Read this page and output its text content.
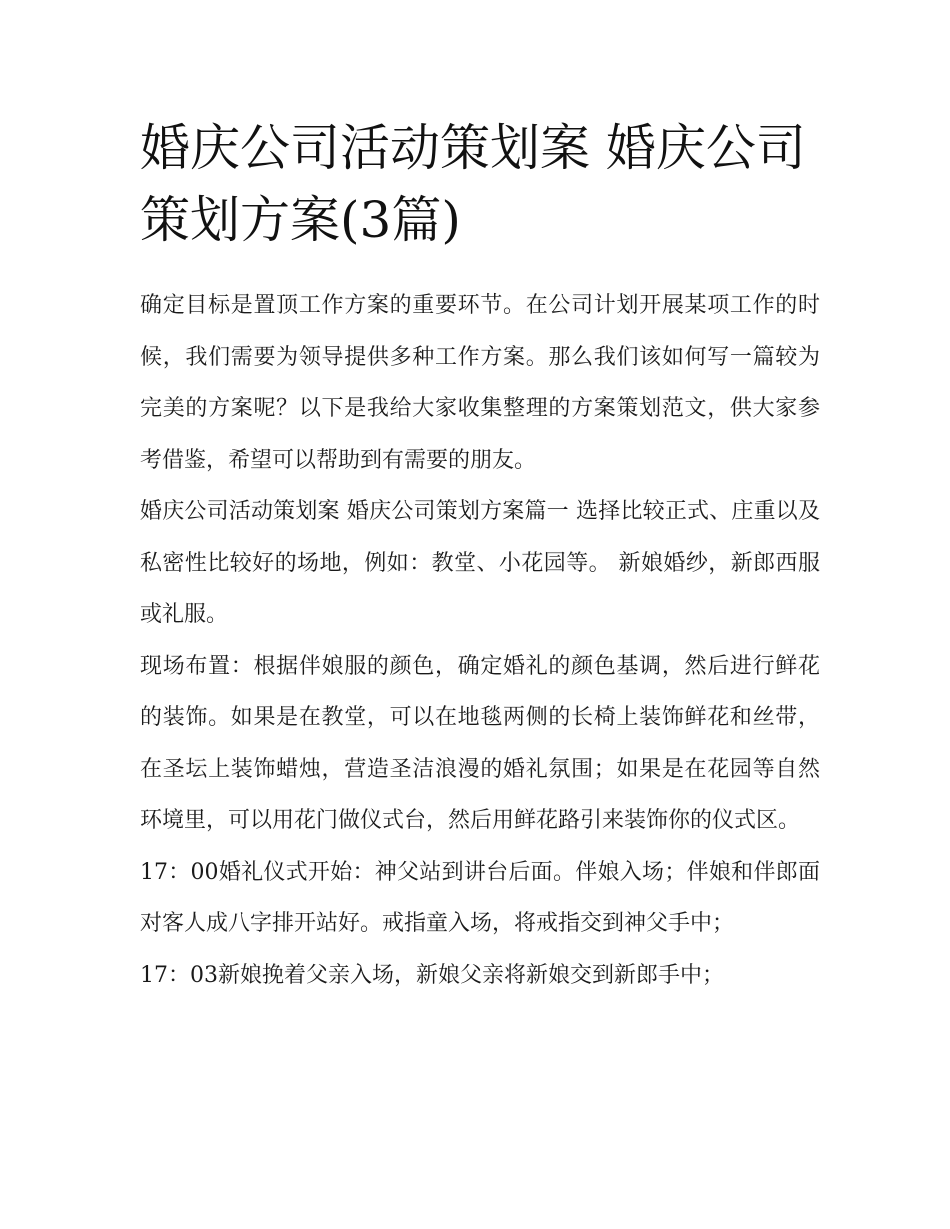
婚庆公司活动策划案 婚庆公司策划方案(3篇)

确定目标是置顶工作方案的重要环节。在公司计划开展某项工作的时候，我们需要为领导提供多种工作方案。那么我们该如何写一篇较为完美的方案呢？以下是我给大家收集整理的方案策划范文，供大家参考借鉴，希望可以帮助到有需要的朋友。

婚庆公司活动策划案 婚庆公司策划方案篇一 选择比较正式、庄重以及私密性比较好的场地，例如：教堂、小花园等。 新娘婚纱，新郎西服或礼服。

现场布置：根据伴娘服的颜色，确定婚礼的颜色基调，然后进行鲜花的装饰。如果是在教堂，可以在地毯两侧的长椅上装饰鲜花和丝带，在圣坛上装饰蜡烛，营造圣洁浪漫的婚礼氛围；如果是在花园等自然环境里，可以用花门做仪式台，然后用鲜花路引来装饰你的仪式区。

17：00婚礼仪式开始：神父站到讲台后面。伴娘入场；伴娘和伴郎面对客人成八字排开站好。戒指童入场，将戒指交到神父手中；

17：03新娘挽着父亲入场，新娘父亲将新娘交到新郎手中；
